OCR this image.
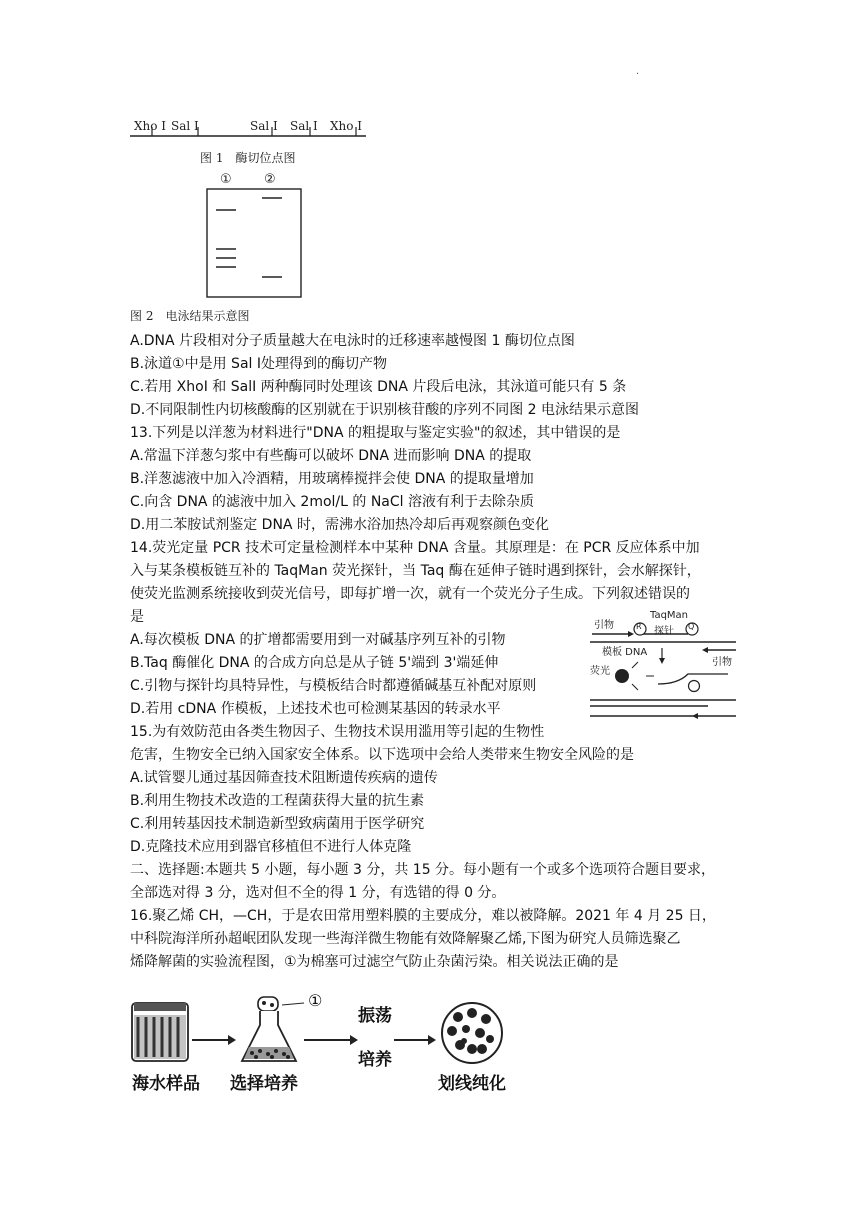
.
Xho Ⅰ Sal Ⅰ	Sal Ⅰ Sal Ⅰ Xho Ⅰ
图 1　酶切位点图
① ②
图 2　电泳结果示意图
A.DNA 片段相对分子质量越大在电泳时的迁移速率越慢图 1 酶切位点图
B.泳道①中是用 Sal Ⅰ处理得到的酶切产物
C.若用 XhoI 和 SalI 两种酶同时处理该 DNA 片段后电泳，其泳道可能只有 5 条
D.不同限制性内切核酸酶的区别就在于识别核苷酸的序列不同图 2 电泳结果示意图
13.下列是以洋葱为材料进行"DNA 的粗提取与鉴定实验"的叙述，其中错误的是
A.常温下洋葱匀浆中有些酶可以破坏 DNA 进而影响 DNA 的提取
B.洋葱滤液中加入冷酒精，用玻璃棒搅拌会使 DNA 的提取量增加
C.向含 DNA 的滤液中加入 2mol/L 的 NaCl 溶液有利于去除杂质
D.用二苯胺试剂鉴定 DNA 时，需沸水浴加热冷却后再观察颜色变化
14.荧光定量 PCR 技术可定量检测样本中某种 DNA 含量。其原理是：在 PCR 反应体系中加
入与某条模板链互补的 TaqMan 荧光探针，当 Taq 酶在延伸子链时遇到探针，会水解探针，
使荧光监测系统接收到荧光信号，即每扩增一次，就有一个荧光分子生成。下列叙述错误的
是
A.每次模板 DNA 的扩增都需要用到一对碱基序列互补的引物
B.Taq 酶催化 DNA 的合成方向总是从子链 5'端到 3'端延伸
C.引物与探针均具特异性，与模板结合时都遵循碱基互补配对原则
D.若用 cDNA 作模板，上述技术也可检测某基因的转录水平
引物	R	Q
TaqMan
探针
模板 DNA
引物
荧光
15.为有效防范由各类生物因子、生物技术误用滥用等引起的生物性
危害，生物安全已纳入国家安全体系。以下选项中会给人类带来生物安全风险的是
A.试管婴儿通过基因筛查技术阻断遗传疾病的遗传
B.利用生物技术改造的工程菌获得大量的抗生素
C.利用转基因技术制造新型致病菌用于医学研究
D.克隆技术应用到器官移植但不进行人体克隆
二、选择题:本题共 5 小题，每小题 3 分，共 15 分。每小题有一个或多个选项符合题目要求，
全部选对得 3 分，选对但不全的得 1 分，有选错的得 0 分。
16.聚乙烯 CH，—CH，于是农田常用塑料膜的主要成分，难以被降解。2021 年 4 月 25 日，
中科院海洋所孙超岷团队发现一些海洋微生物能有效降解聚乙烯,下图为研究人员筛选聚乙
烯降解菌的实验流程图，①为棉塞可过滤空气防止杂菌污染。相关说法正确的是
①
海水样品 选择培养
振荡
培养
划线纯化
